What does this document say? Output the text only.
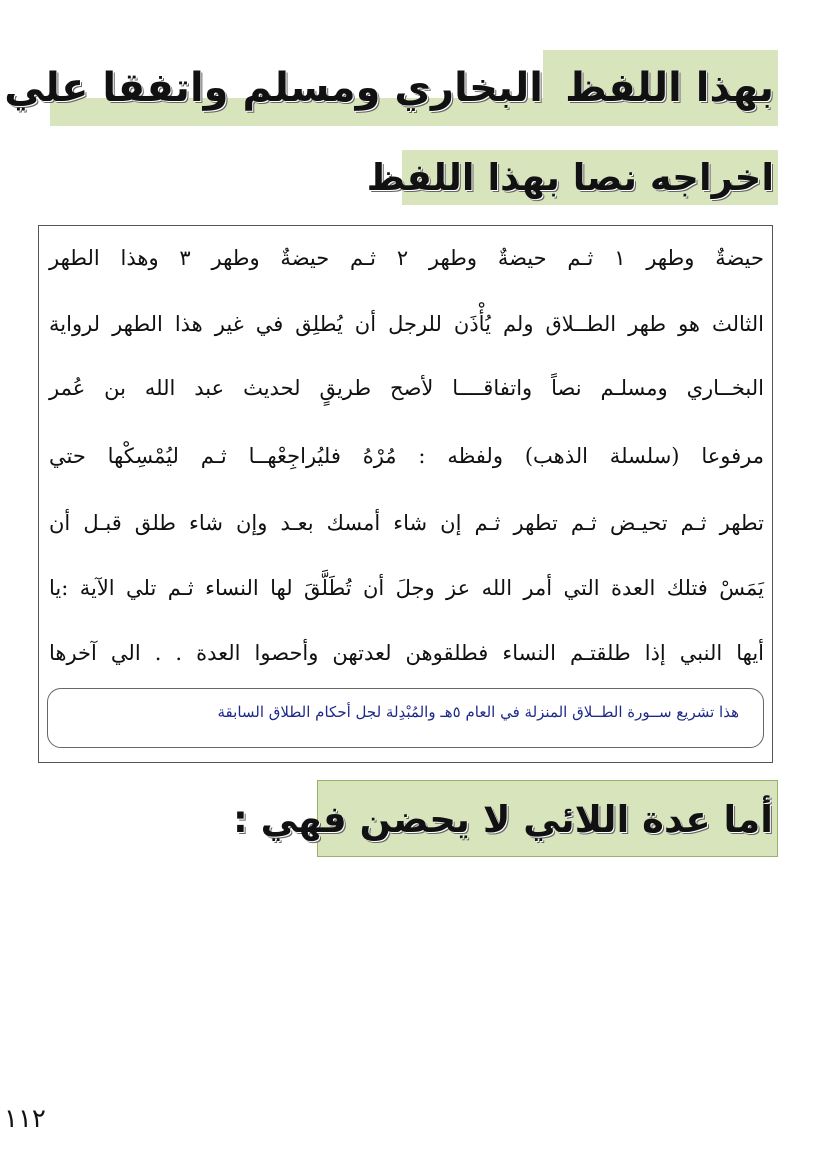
بهذا اللفظ
البخاري ومسلم واتفقا علي
اخراجه نصا بهذا اللفظ
حيضةٌ وطهر ١ ثـم حيضةٌ وطهر ٢ ثـم حيضةٌ وطهر ٣ وهذا الطهر
الثالث هو طهر الطــلاق ولم يُأْذَن للرجل أن يُطلِق في غير هذا الطهر لرواية
البخــاري ومسلـم نصاً واتفاقــــا لأصح طريقٍ لحديث عبد الله بن عُمر
مرفوعا (سلسلة الذهب) ولفظه : مُرْهُ فليُراجِعْهــا ثـم ليُمْسِكْها حتي
تطهر ثـم تحيـض ثـم تطهر ثـم إن شاء أمسك بعـد وإن شاء طلق قبـل أن
يَمَسْ فتلك العدة التي أمر الله عز وجلَ أن تُطَلَّقَ لها النساء ثـم تلي الآية :يا
أيها النبي إذا طلقتـم النساء فطلقوهن لعدتهن وأحصوا العدة . . الي آخرها
هذا تشريع ســورة الطــلاق المنزلة في العام ٥هـ والمُبْدِلة لجل أحكام الطلاق السابقة
أما عدة اللائي لا يحضن فهي :
١١٢
